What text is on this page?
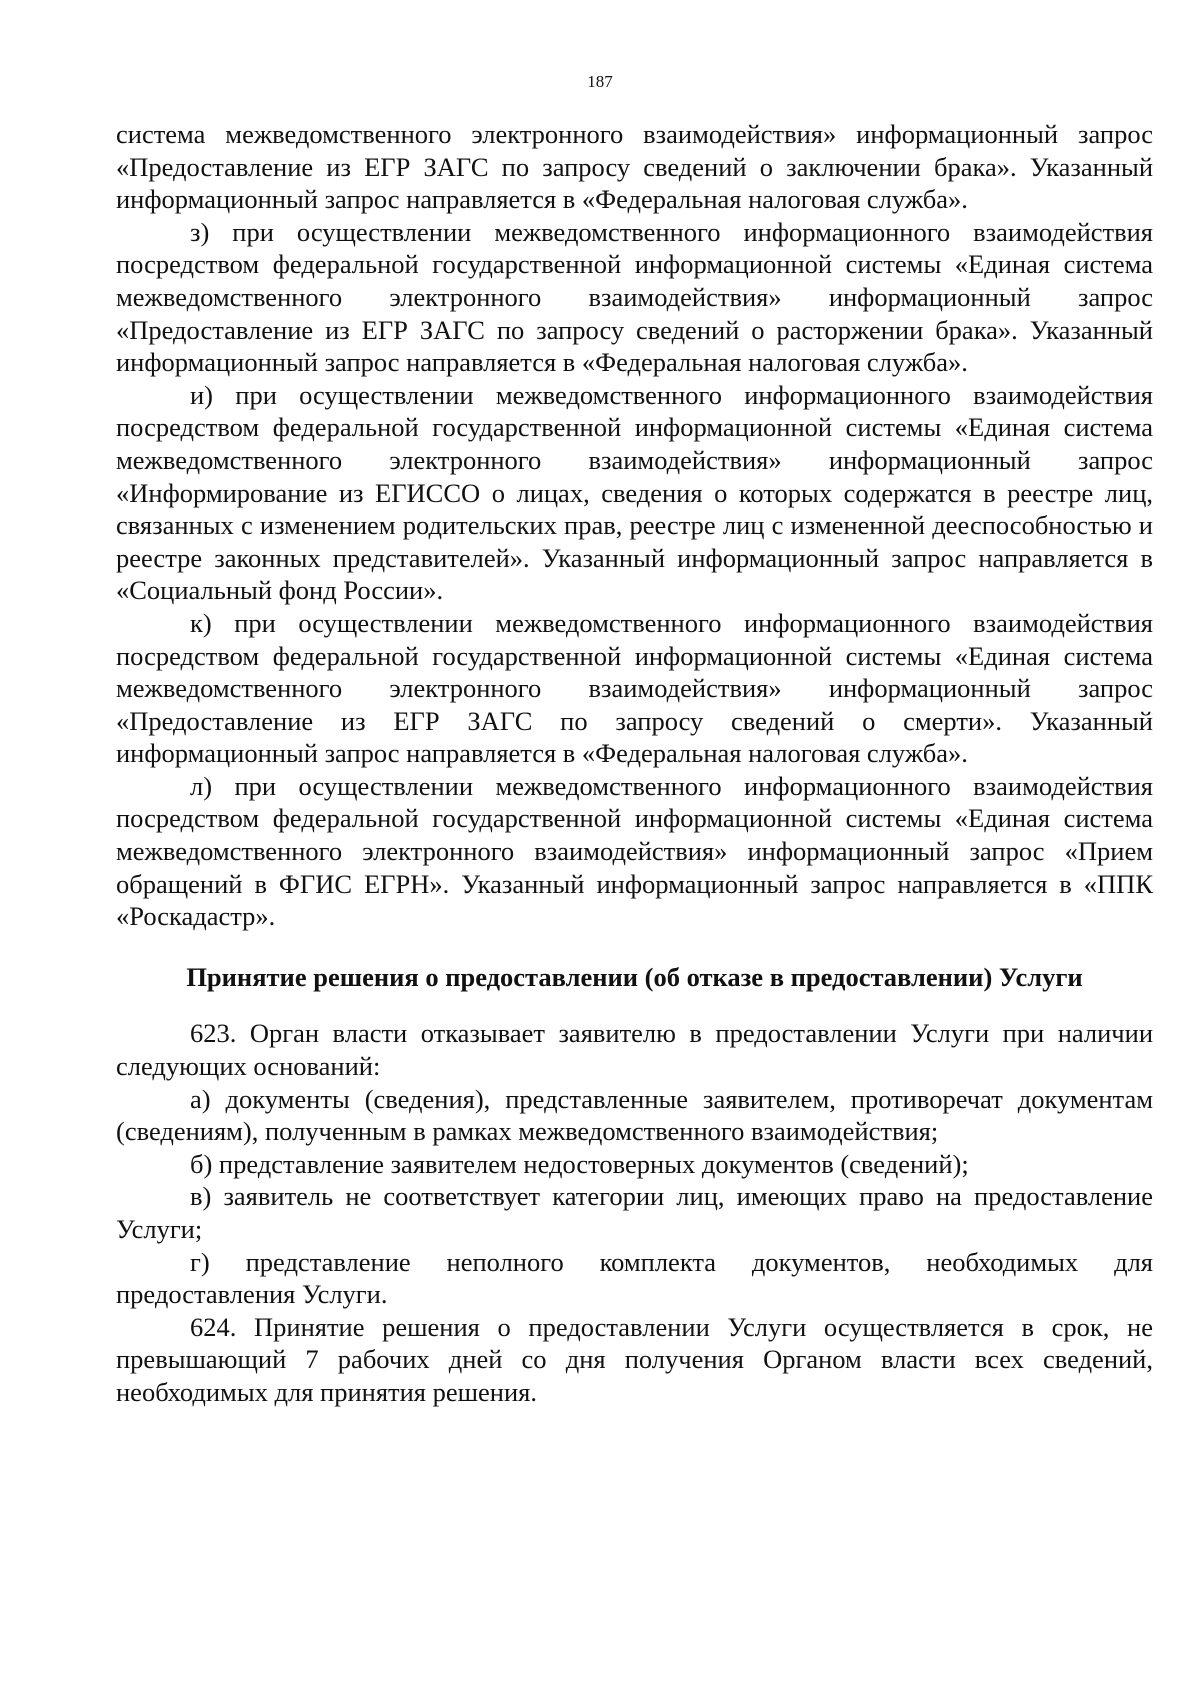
187

система межведомственного электронного взаимодействия» информационный запрос «Предоставление из ЕГР ЗАГС по запросу сведений о заключении брака». Указанный информационный запрос направляется в «Федеральная налоговая служба».

з) при осуществлении межведомственного информационного взаимодействия посредством федеральной государственной информационной системы «Единая система межведомственного электронного взаимодействия» информационный запрос «Предоставление из ЕГР ЗАГС по запросу сведений о расторжении брака». Указанный информационный запрос направляется в «Федеральная налоговая служба».

и) при осуществлении межведомственного информационного взаимодействия посредством федеральной государственной информационной системы «Единая система межведомственного электронного взаимодействия» информационный запрос «Информирование из ЕГИССО о лицах, сведения о которых содержатся в реестре лиц, связанных с изменением родительских прав, реестре лиц с измененной дееспособностью и реестре законных представителей». Указанный информационный запрос направляется в «Социальный фонд России».

к) при осуществлении межведомственного информационного взаимодействия посредством федеральной государственной информационной системы «Единая система межведомственного электронного взаимодействия» информационный запрос «Предоставление из ЕГР ЗАГС по запросу сведений о смерти». Указанный информационный запрос направляется в «Федеральная налоговая служба».

л) при осуществлении межведомственного информационного взаимодействия посредством федеральной государственной информационной системы «Единая система межведомственного электронного взаимодействия» информационный запрос «Прием обращений в ФГИС ЕГРН». Указанный информационный запрос направляется в «ППК «Роскадастр».

Принятие решения о предоставлении (об отказе в предоставлении) Услуги

623. Орган власти отказывает заявителю в предоставлении Услуги при наличии следующих оснований:

а) документы (сведения), представленные заявителем, противоречат документам (сведениям), полученным в рамках межведомственного взаимодействия;

б) представление заявителем недостоверных документов (сведений);

в) заявитель не соответствует категории лиц, имеющих право на предоставление Услуги;

г) представление неполного комплекта документов, необходимых для предоставления Услуги.

624. Принятие решения о предоставлении Услуги осуществляется в срок, не превышающий 7 рабочих дней со дня получения Органом власти всех сведений, необходимых для принятия решения.
